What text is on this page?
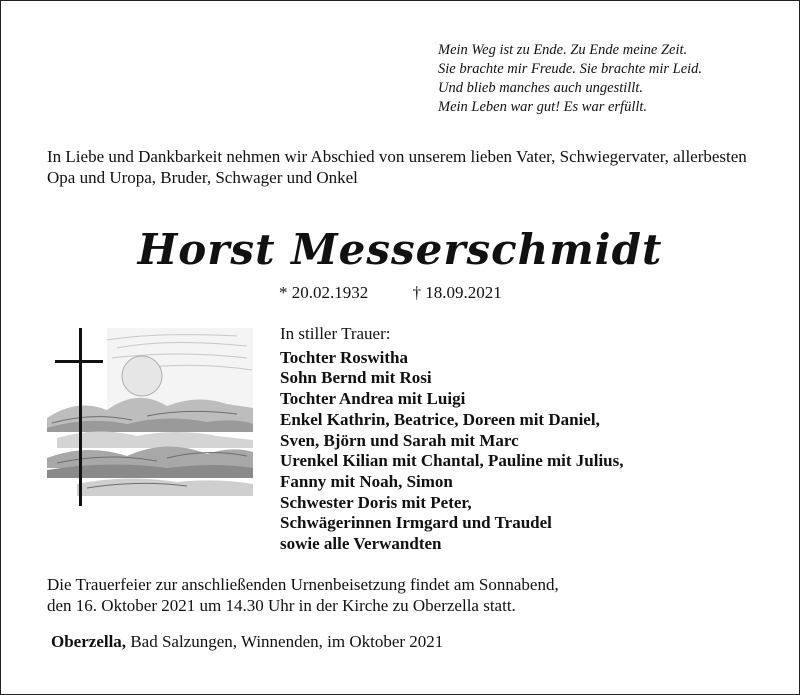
Mein Weg ist zu Ende. Zu Ende meine Zeit.
Sie brachte mir Freude. Sie brachte mir Leid.
Und blieb manches auch ungestillt.
Mein Leben war gut! Es war erfüllt.
In Liebe und Dankbarkeit nehmen wir Abschied von unserem lieben Vater, Schwiegervater, allerbesten Opa und Uropa, Bruder, Schwager und Onkel
Horst Messerschmidt
* 20.02.1932	† 18.09.2021
In stiller Trauer:
Tochter Roswitha
Sohn Bernd mit Rosi
Tochter Andrea mit Luigi
Enkel Kathrin, Beatrice, Doreen mit Daniel,
Sven, Björn und Sarah mit Marc
Urenkel Kilian mit Chantal, Pauline mit Julius,
Fanny mit Noah, Simon
Schwester Doris mit Peter,
Schwägerinnen Irmgard und Traudel
sowie alle Verwandten
Die Trauerfeier zur anschließenden Urnenbeisetzung findet am Sonnabend,
den 16. Oktober 2021 um 14.30 Uhr in der Kirche zu Oberzella statt.
Oberzella, Bad Salzungen, Winnenden, im Oktober 2021
